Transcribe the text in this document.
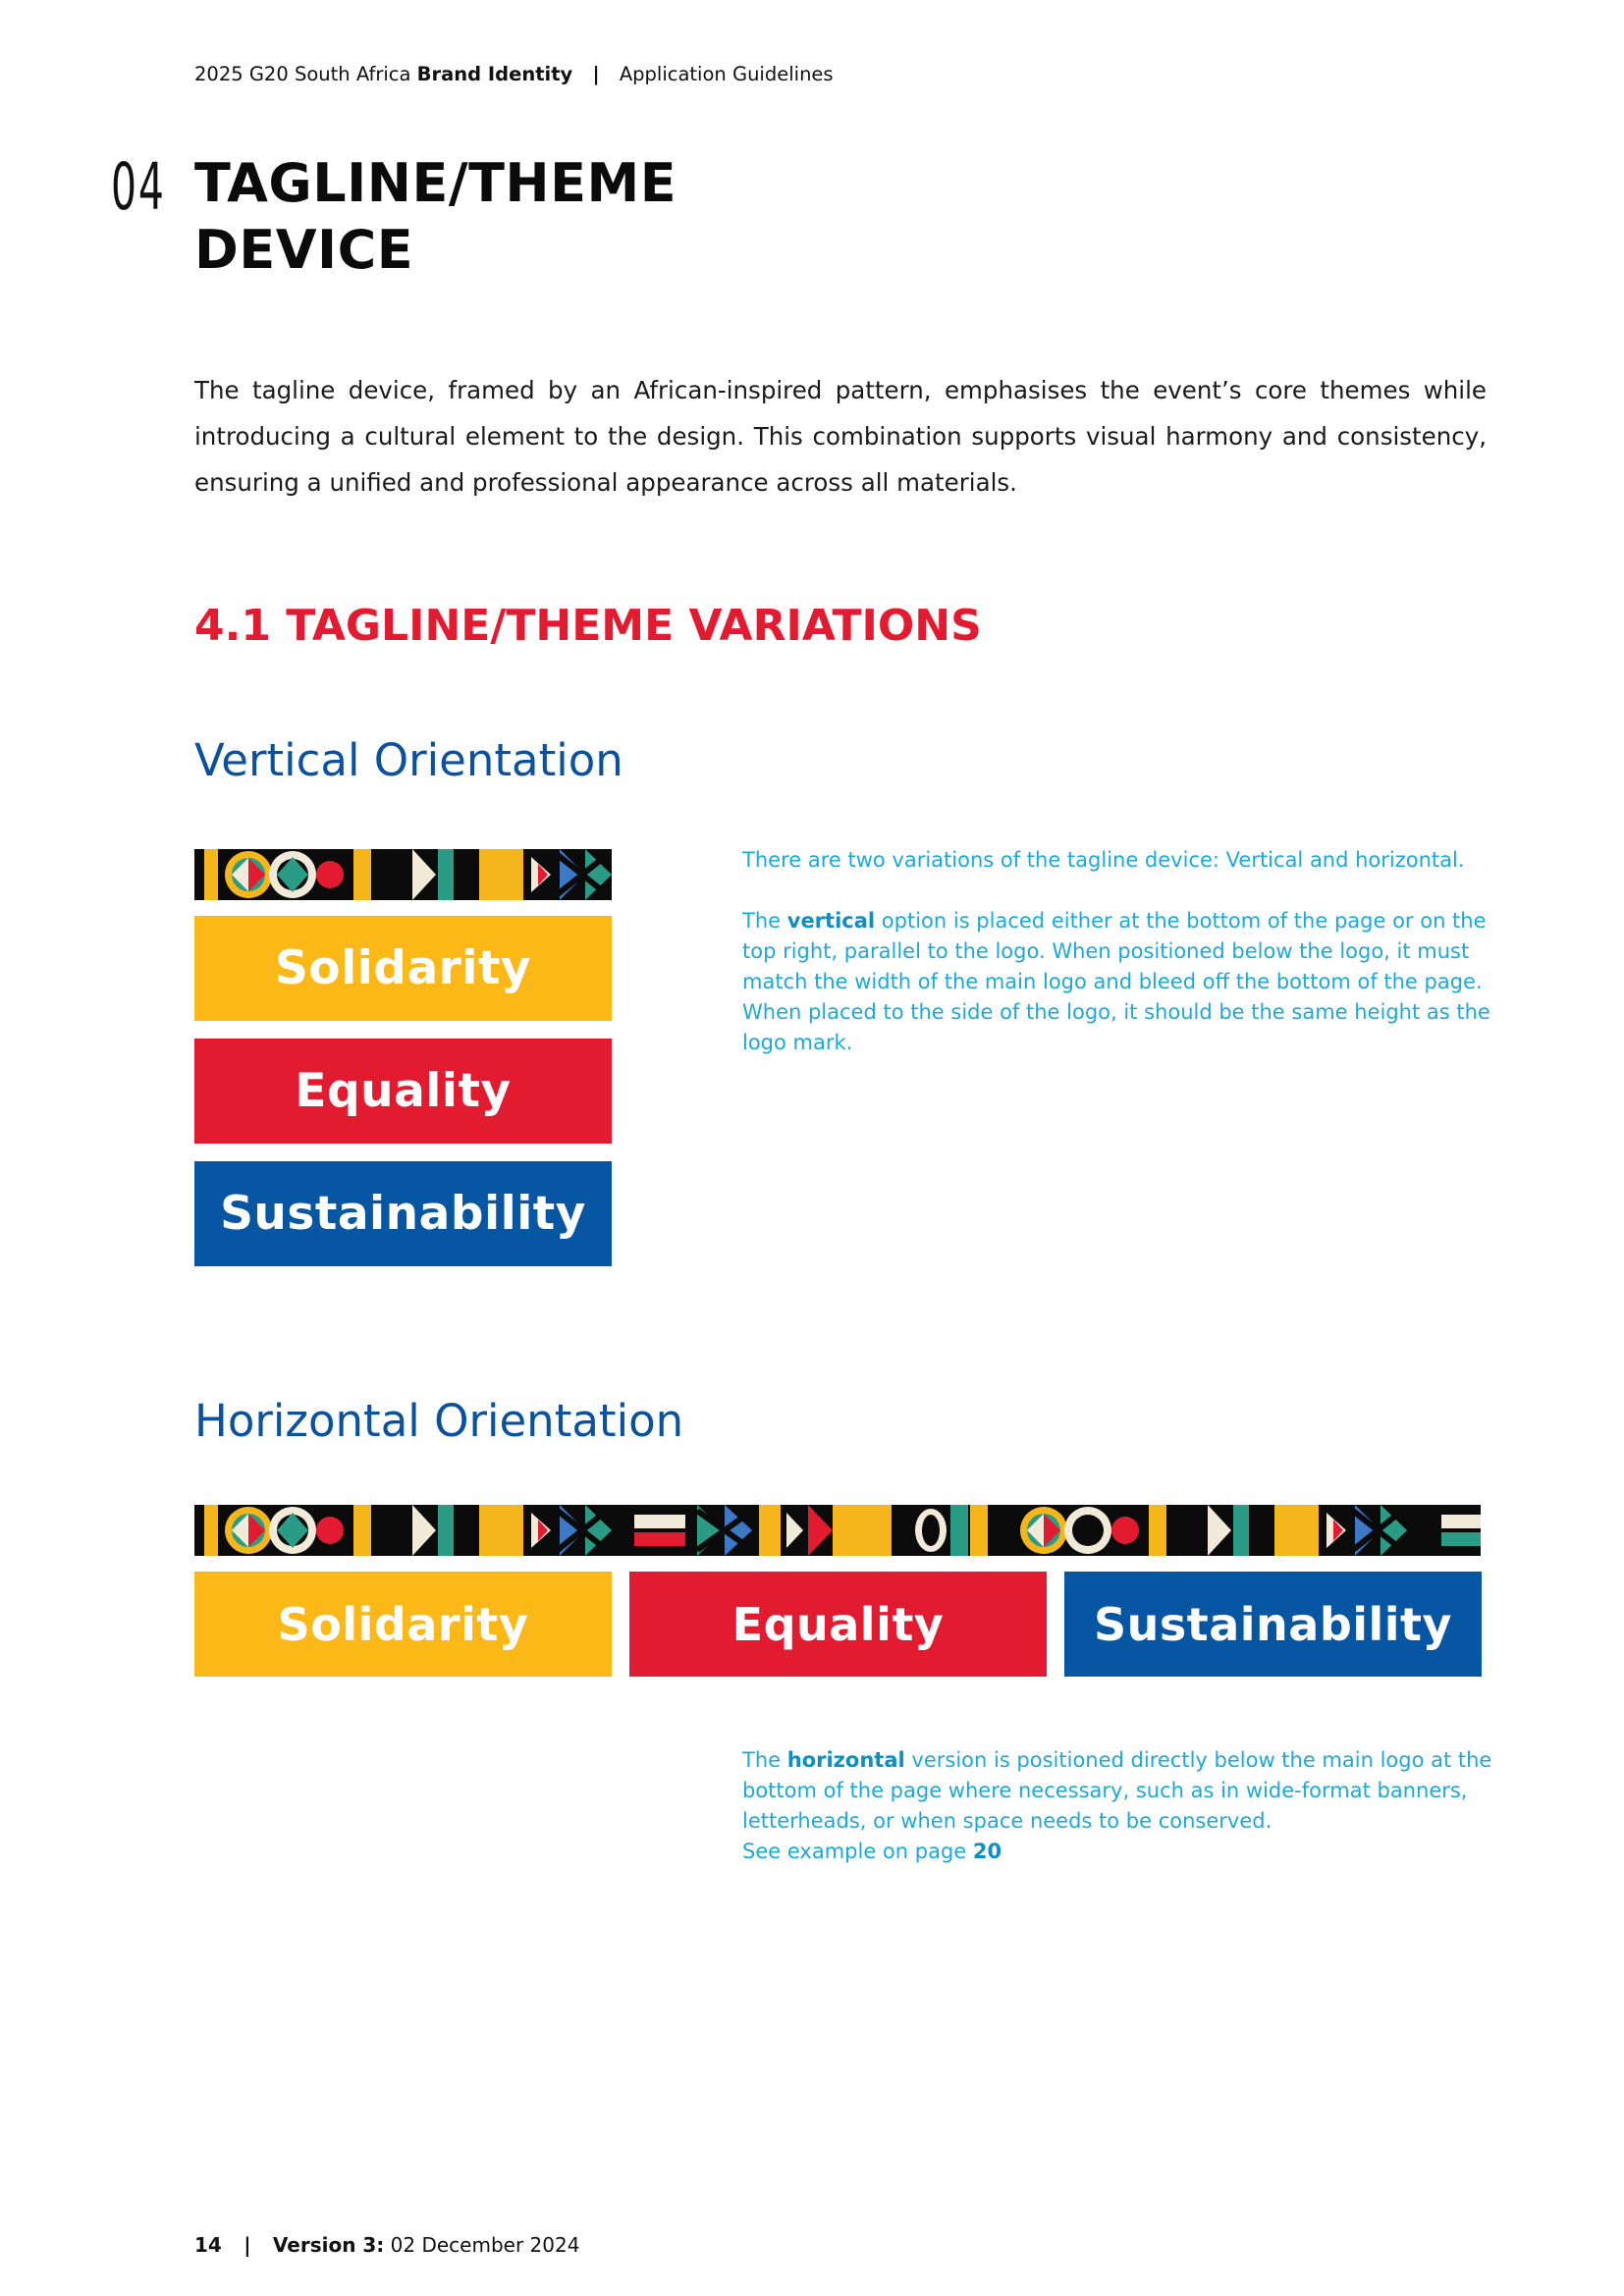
2025 G20 South Africa Brand Identity | Application Guidelines
04 TAGLINE/THEME
DEVICE
The tagline device, framed by an African-inspired pattern, emphasises the event’s core themes while introducing a cultural element to the design. This combination supports visual harmony and consistency, ensuring a unified and professional appearance across all materials.
4.1 TAGLINE/THEME VARIATIONS
Vertical Orientation
Solidarity
Equality
Sustainability

There are two variations of the tagline device: Vertical and horizontal.

The vertical option is placed either at the bottom of the page or on the top right, parallel to the logo. When positioned below the logo, it must match the width of the main logo and bleed off the bottom of the page. When placed to the side of the logo, it should be the same height as the logo mark.

Horizontal Orientation
Solidarity	Equality	Sustainability

The horizontal version is positioned directly below the main logo at the bottom of the page where necessary, such as in wide-format banners, letterheads, or when space needs to be conserved.

See example on page 20

14 | Version 3: 02 December 2024
